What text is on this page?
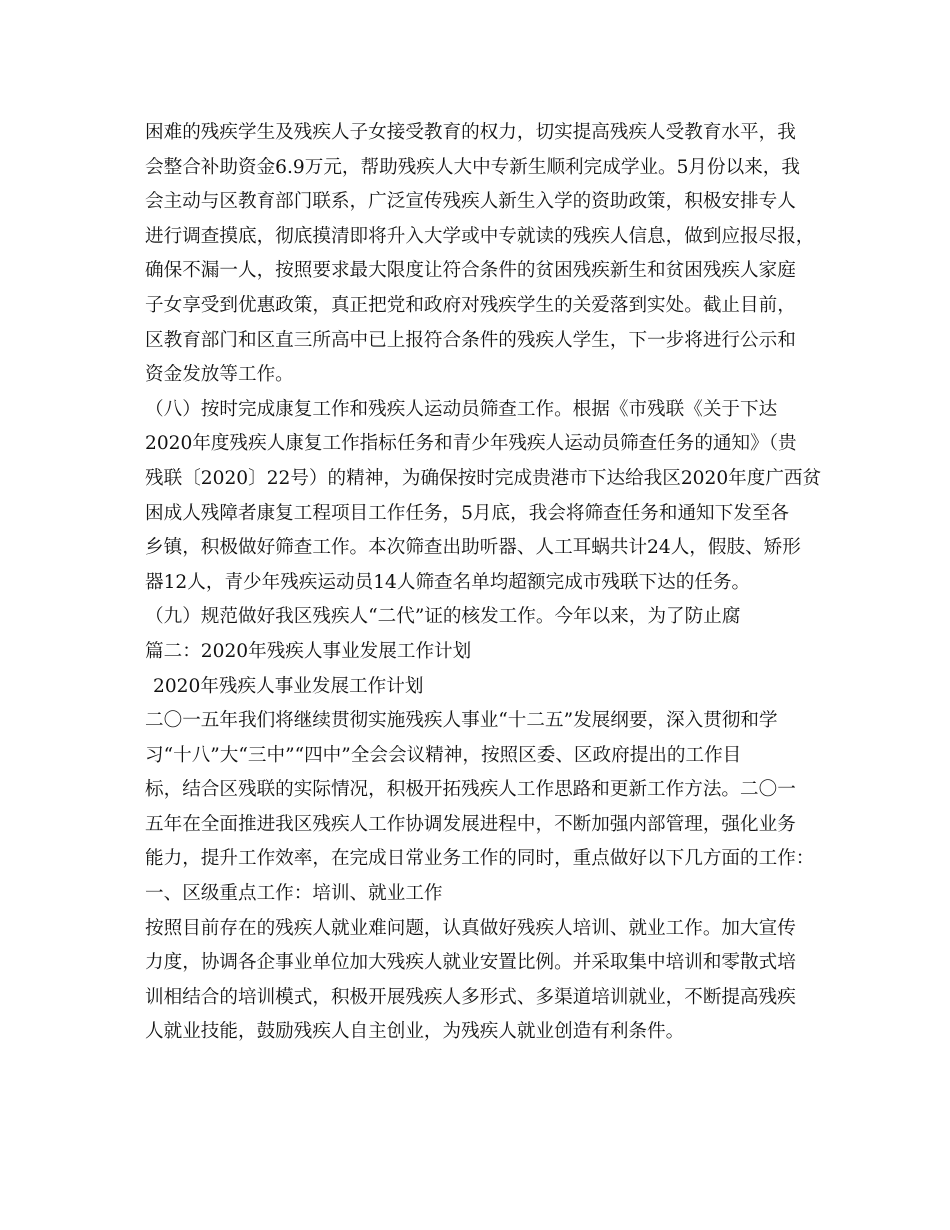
困难的残疾学生及残疾人子女接受教育的权力，切实提高残疾人受教育水平，我
会整合补助资金6.9万元，帮助残疾人大中专新生顺利完成学业。5月份以来，我
会主动与区教育部门联系，广泛宣传残疾人新生入学的资助政策，积极安排专人
进行调查摸底，彻底摸清即将升入大学或中专就读的残疾人信息，做到应报尽报，
确保不漏一人，按照要求最大限度让符合条件的贫困残疾新生和贫困残疾人家庭
子女享受到优惠政策，真正把党和政府对残疾学生的关爱落到实处。截止目前，
区教育部门和区直三所高中已上报符合条件的残疾人学生，下一步将进行公示和
资金发放等工作。
（八）按时完成康复工作和残疾人运动员筛查工作。根据《市残联《关于下达
2020年度残疾人康复工作指标任务和青少年残疾人运动员筛查任务的通知》（贵
残联〔2020〕22号）的精神，为确保按时完成贵港市下达给我区2020年度广西贫
困成人残障者康复工程项目工作任务，5月底，我会将筛查任务和通知下发至各
乡镇，积极做好筛查工作。本次筛查出助听器、人工耳蜗共计24人，假肢、矫形
器12人，青少年残疾运动员14人筛查名单均超额完成市残联下达的任务。
（九）规范做好我区残疾人“二代”证的核发工作。今年以来，为了防止腐
篇二：2020年残疾人事业发展工作计划
2020年残疾人事业发展工作计划
二〇一五年我们将继续贯彻实施残疾人事业“十二五”发展纲要，深入贯彻和学
习“十八”大“三中”“四中”全会会议精神，按照区委、区政府提出的工作目
标，结合区残联的实际情况，积极开拓残疾人工作思路和更新工作方法。二〇一
五年在全面推进我区残疾人工作协调发展进程中，不断加强内部管理，强化业务
能力，提升工作效率，在完成日常业务工作的同时，重点做好以下几方面的工作：
一、区级重点工作：培训、就业工作
按照目前存在的残疾人就业难问题，认真做好残疾人培训、就业工作。加大宣传
力度，协调各企事业单位加大残疾人就业安置比例。并采取集中培训和零散式培
训相结合的培训模式，积极开展残疾人多形式、多渠道培训就业，不断提高残疾
人就业技能，鼓励残疾人自主创业，为残疾人就业创造有利条件。
